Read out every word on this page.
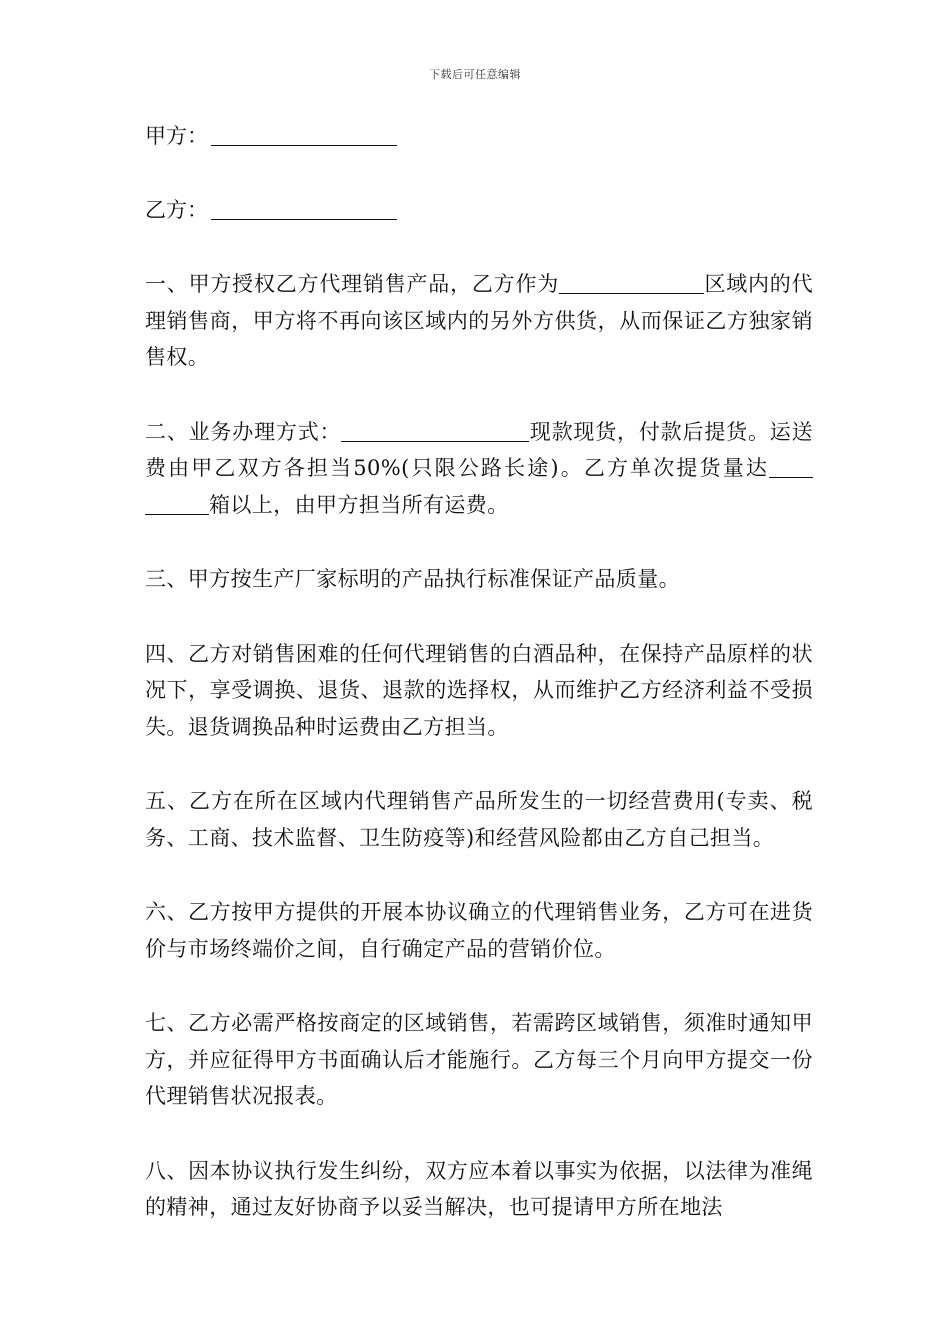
下载后可任意编辑
甲方：
乙方：

一、甲方授权乙方代理销售产品，乙方作为	区域内的代理销售商，甲方将不再向该区域内的另外方供货，从而保证乙方独家销售权。

二、业务办理方式：	现款现货，付款后提货。运送费由甲乙双方各担当50%(只限公路长途)。乙方单次提货量达箱以上，由甲方担当所有运费。

三、甲方按生产厂家标明的产品执行标准保证产品质量。

四、乙方对销售困难的任何代理销售的白酒品种，在保持产品原样的状况下，享受调换、退货、退款的选择权，从而维护乙方经济利益不受损失。退货调换品种时运费由乙方担当。

五、乙方在所在区域内代理销售产品所发生的一切经营费用(专卖、税务、工商、技术监督、卫生防疫等)和经营风险都由乙方自己担当。

六、乙方按甲方提供的开展本协议确立的代理销售业务，乙方可在进货价与市场终端价之间，自行确定产品的营销价位。

七、乙方必需严格按商定的区域销售，若需跨区域销售，须准时通知甲方，并应征得甲方书面确认后才能施行。乙方每三个月向甲方提交一份代理销售状况报表。

八、因本协议执行发生纠纷，双方应本着以事实为依据，以法律为准绳的精神，通过友好协商予以妥当解决，也可提请甲方所在地法
